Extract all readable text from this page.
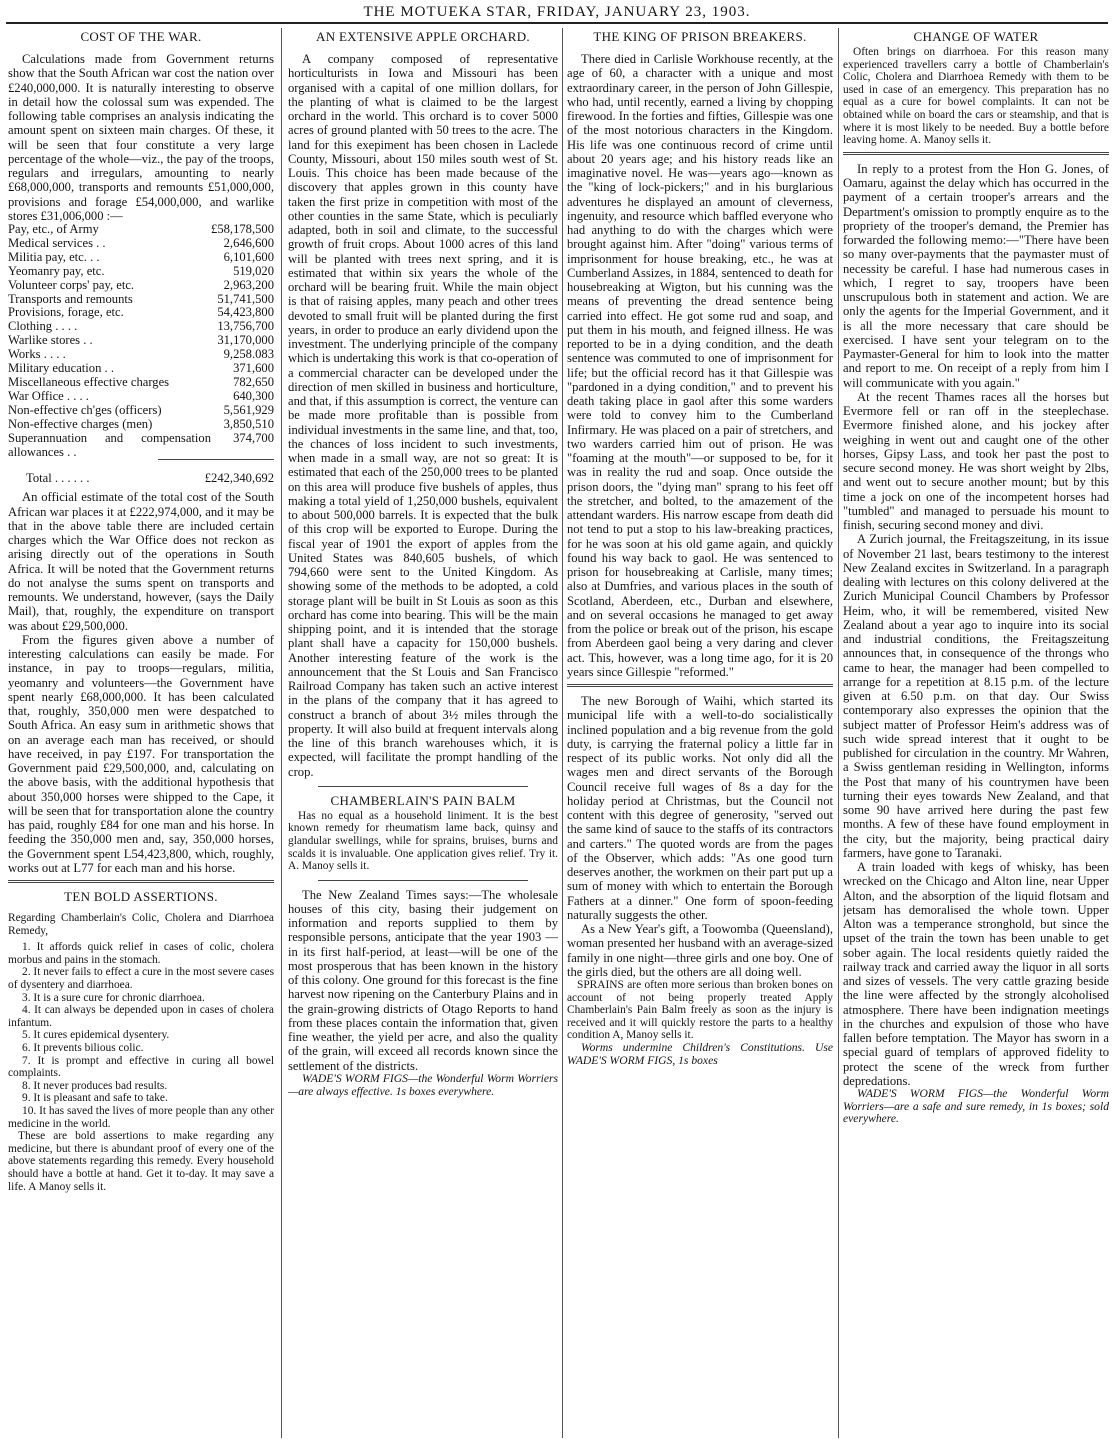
THE MOTUEKA STAR, FRIDAY, JANUARY 23, 1903.
COST OF THE WAR.

Calculations made from Government returns show that the South African war cost the nation over £240,000,000. It is naturally interesting to observe in detail how the colossal sum was expended. The following table comprises an analysis indicating the amount spent on sixteen main charges. Of these, it will be seen that four constitute a very large percentage of the whole—viz., the pay of the troops, regulars and irregulars, amounting to nearly £68,000,000, transports and remounts £51,000,000, provisions and forage £54,000,000, and warlike stores £31,006,000 :—

Pay, etc., of Army	£58,178,500
Medical services . .	2,646,600
Militia pay, etc. . .	6,101,600
Yeomanry pay, etc.	519,020
Volunteer corps' pay, etc.	2,963,200
Transports and remounts	51,741,500
Provisions, forage, etc.	54,423,800
Clothing . . . .	13,756,700
Warlike stores . .	31,170,000
Works . . . .	9,258.083
Military education . .	371,600
Miscellaneous effective charges	782,650
War Office . . . .	640,300
Non-effective ch'ges (officers)	5,561,929
Non-effective charges (men)	3,850,510
Superannuation and compensation allowances . .	374,700
Total . . . . . .	£242,340,692

An official estimate of the total cost of the South African war places it at £222,974,000, and it may be that in the above table there are included certain charges which the War Office does not reckon as arising directly out of the operations in South Africa. It will be noted that the Government returns do not analyse the sums spent on transports and remounts. We understand, however, (says the Daily Mail), that, roughly, the expenditure on transport was about £29,500,000.

From the figures given above a number of interesting calculations can easily be made. For instance, in pay to troops—regulars, militia, yeomanry and volunteers—the Government have spent nearly £68,000,000. It has been calculated that, roughly, 350,000 men were despatched to South Africa. An easy sum in arithmetic shows that on an average each man has received, or should have received, in pay £197. For transportation the Government paid £29,500,000, and, calculating on the above basis, with the additional hypothesis that about 350,000 horses were shipped to the Cape, it will be seen that for transportation alone the country has paid, roughly £84 for one man and his horse. In feeding the 350,000 men and, say, 350,000 horses, the Government spent L54,423,800, which, roughly, works out at L77 for each man and his horse.

TEN BOLD ASSERTIONS.

Regarding Chamberlain's Colic, Cholera and Diarrhoea Remedy,

1. It affords quick relief in cases of colic, cholera morbus and pains in the stomach.
2. It never fails to effect a cure in the most severe cases of dysentery and diarrhoea.
3. It is a sure cure for chronic diarrhoea.
4. It can always be depended upon in cases of cholera infantum.
5. It cures epidemical dysentery.
6. It prevents bilious colic.
7. It is prompt and effective in curing all bowel complaints.
8. It never produces bad results.
9. It is pleasant and safe to take.
10. It has saved the lives of more people than any other medicine in the world.

These are bold assertions to make regarding any medicine, but there is abundant proof of every one of the above statements regarding this remedy. Every household should have a bottle at hand. Get it to-day. It may save a life. A Manoy sells it.

AN EXTENSIVE APPLE ORCHARD.

A company composed of representative horticulturists in Iowa and Missouri has been organised with a capital of one million dollars, for the planting of what is claimed to be the largest orchard in the world. This orchard is to cover 5000 acres of ground planted with 50 trees to the acre. The land for this exepiment has been chosen in Laclede County, Missouri, about 150 miles south west of St. Louis. This choice has been made because of the discovery that apples grown in this county have taken the first prize in competition with most of the other counties in the same State, which is peculiarly adapted, both in soil and climate, to the successful growth of fruit crops. About 1000 acres of this land will be planted with trees next spring, and it is estimated that within six years the whole of the orchard will be bearing fruit. While the main object is that of raising apples, many peach and other trees devoted to small fruit will be planted during the first years, in order to produce an early dividend upon the investment. The underlying principle of the company which is undertaking this work is that co-operation of a commercial character can be developed under the direction of men skilled in business and horticulture, and that, if this assumption is correct, the venture can be made more profitable than is possible from individual investments in the same line, and that, too, the chances of loss incident to such investments, when made in a small way, are not so great: It is estimated that each of the 250,000 trees to be planted on this area will produce five bushels of apples, thus making a total yield of 1,250,000 bushels, equivalent to about 500,000 barrels. It is expected that the bulk of this crop will be exported to Europe. During the fiscal year of 1901 the export of apples from the United States was 840,605 bushels, of which 794,660 were sent to the United Kingdom. As showing some of the methods to be adopted, a cold storage plant will be built in St Louis as soon as this orchard has come into bearing. This will be the main shipping point, and it is intended that the storage plant shall have a capacity for 150,000 bushels. Another interesting feature of the work is the announcement that the St Louis and San Francisco Railroad Company has taken such an active interest in the plans of the company that it has agreed to construct a branch of about 3½ miles through the property. It will also build at frequent intervals along the line of this branch warehouses which, it is expected, will facilitate the prompt handling of the crop.

CHAMBERLAIN'S PAIN BALM

Has no equal as a household liniment. It is the best known remedy for rheumatism lame back, quinsy and glandular swellings, while for sprains, bruises, burns and scalds it is invaluable. One application gives relief. Try it. A. Manoy sells it.

The New Zealand Times says:—The wholesale houses of this city, basing their judgement on information and reports supplied to them by responsible persons, anticipate that the year 1903 —in its first half-period, at least—will be one of the most prosperous that has been known in the history of this colony. One ground for this forecast is the fine harvest now ripening on the Canterbury Plains and in the grain-growing districts of Otago Reports to hand from these places contain the information that, given fine weather, the yield per acre, and also the quality of the grain, will exceed all records known since the settlement of the districts.

WADE'S WORM FIGS—the Wonderful Worm Worriers—are always effective. 1s boxes everywhere.

THE KING OF PRISON BREAKERS.

There died in Carlisle Workhouse recently, at the age of 60, a character with a unique and most extraordinary career, in the person of John Gillespie, who had, until recently, earned a living by chopping firewood. In the forties and fifties, Gillespie was one of the most notorious characters in the Kingdom. His life was one continuous record of crime until about 20 years age; and his history reads like an imaginative novel. He was—years ago—known as the "king of lock-pickers;" and in his burglarious adventures he displayed an amount of cleverness, ingenuity, and resource which baffled everyone who had anything to do with the charges which were brought against him. After "doing" various terms of imprisonment for house breaking, etc., he was at Cumberland Assizes, in 1884, sentenced to death for housebreaking at Wigton, but his cunning was the means of preventing the dread sentence being carried into effect. He got some rud and soap, and put them in his mouth, and feigned illness. He was reported to be in a dying condition, and the death sentence was commuted to one of imprisonment for life; but the official record has it that Gillespie was "pardoned in a dying condition," and to prevent his death taking place in gaol after this some warders were told to convey him to the Cumberland Infirmary. He was placed on a pair of stretchers, and two warders carried him out of prison. He was "foaming at the mouth"—or supposed to be, for it was in reality the rud and soap. Once outside the prison doors, the "dying man" sprang to his feet off the stretcher, and bolted, to the amazement of the attendant warders. His narrow escape from death did not tend to put a stop to his law-breaking practices, for he was soon at his old game again, and quickly found his way back to gaol. He was sentenced to prison for housebreaking at Carlisle, many times; also at Dumfries, and various places in the south of Scotland, Aberdeen, etc., Durban and elsewhere, and on several occasions he managed to get away from the police or break out of the prison, his escape from Aberdeen gaol being a very daring and clever act. This, however, was a long time ago, for it is 20 years since Gillespie "reformed."

The new Borough of Waihi, which started its municipal life with a well-to-do socialistically inclined population and a big revenue from the gold duty, is carrying the fraternal policy a little far in respect of its public works. Not only did all the wages men and direct servants of the Borough Council receive full wages of 8s a day for the holiday period at Christmas, but the Council not content with this degree of generosity, "served out the same kind of sauce to the staffs of its contractors and carters." The quoted words are from the pages of the Observer, which adds: "As one good turn deserves another, the workmen on their part put up a sum of money with which to entertain the Borough Fathers at a dinner." One form of spoon-feeding naturally suggests the other.

As a New Year's gift, a Toowomba (Queensland), woman presented her husband with an average-sized family in one night—three girls and one boy. One of the girls died, but the others are all doing well.

SPRAINS are often more serious than broken bones on account of not being properly treated Apply Chamberlain's Pain Balm freely as soon as the injury is received and it will quickly restore the parts to a healthy condition A, Manoy sells it.

Worms undermine Children's Constitutions. Use WADE'S WORM FIGS, 1s boxes

CHANGE OF WATER

Often brings on diarrhoea. For this reason many experienced travellers carry a bottle of Chamberlain's Colic, Cholera and Diarrhoea Remedy with them to be used in case of an emergency. This preparation has no equal as a cure for bowel complaints. It can not be obtained while on board the cars or steamship, and that is where it is most likely to be needed. Buy a bottle before leaving home. A. Manoy sells it.

In reply to a protest from the Hon G. Jones, of Oamaru, against the delay which has occurred in the payment of a certain trooper's arrears and the Department's omission to promptly enquire as to the propriety of the trooper's demand, the Premier has forwarded the following memo:—"There have been so many over-payments that the paymaster must of necessity be careful. I hase had numerous cases in which, I regret to say, troopers have been unscrupulous both in statement and action. We are only the agents for the Imperial Government, and it is all the more necessary that care should be exercised. I have sent your telegram on to the Paymaster-General for him to look into the matter and report to me. On receipt of a reply from him I will communicate with you again."

At the recent Thames races all the horses but Evermore fell or ran off in the steeplechase. Evermore finished alone, and his jockey after weighing in went out and caught one of the other horses, Gipsy Lass, and took her past the post to secure second money. He was short weight by 2lbs, and went out to secure another mount; but by this time a jock on one of the incompetent horses had "tumbled" and managed to persuade his mount to finish, securing second money and divi.

A Zurich journal, the Freitagszeitung, in its issue of November 21 last, bears testimony to the interest New Zealand excites in Switzerland. In a paragraph dealing with lectures on this colony delivered at the Zurich Municipal Council Chambers by Professor Heim, who, it will be remembered, visited New Zealand about a year ago to inquire into its social and industrial conditions, the Freitagszeitung announces that, in consequence of the throngs who came to hear, the manager had been compelled to arrange for a repetition at 8.15 p.m. of the lecture given at 6.50 p.m. on that day. Our Swiss contemporary also expresses the opinion that the subject matter of Professor Heim's address was of such wide spread interest that it ought to be published for circulation in the country. Mr Wahren, a Swiss gentleman residing in Wellington, informs the Post that many of his countrymen have been turning their eyes towards New Zealand, and that some 90 have arrived here during the past few months. A few of these have found employment in the city, but the majority, being practical dairy farmers, have gone to Taranaki.

A train loaded with kegs of whisky, has been wrecked on the Chicago and Alton line, near Upper Alton, and the absorption of the liquid flotsam and jetsam has demoralised the whole town. Upper Alton was a temperance stronghold, but since the upset of the train the town has been unable to get sober again. The local residents quietly raided the railway track and carried away the liquor in all sorts and sizes of vessels. The very cattle grazing beside the line were affected by the strongly alcoholised atmosphere. There have been indignation meetings in the churches and expulsion of those who have fallen before temptation. The Mayor has sworn in a special guard of templars of approved fidelity to protect the scene of the wreck from further depredations.

WADE'S WORM FIGS—the Wonderful Worm Worriers—are a safe and sure remedy, in 1s boxes; sold everywhere.
